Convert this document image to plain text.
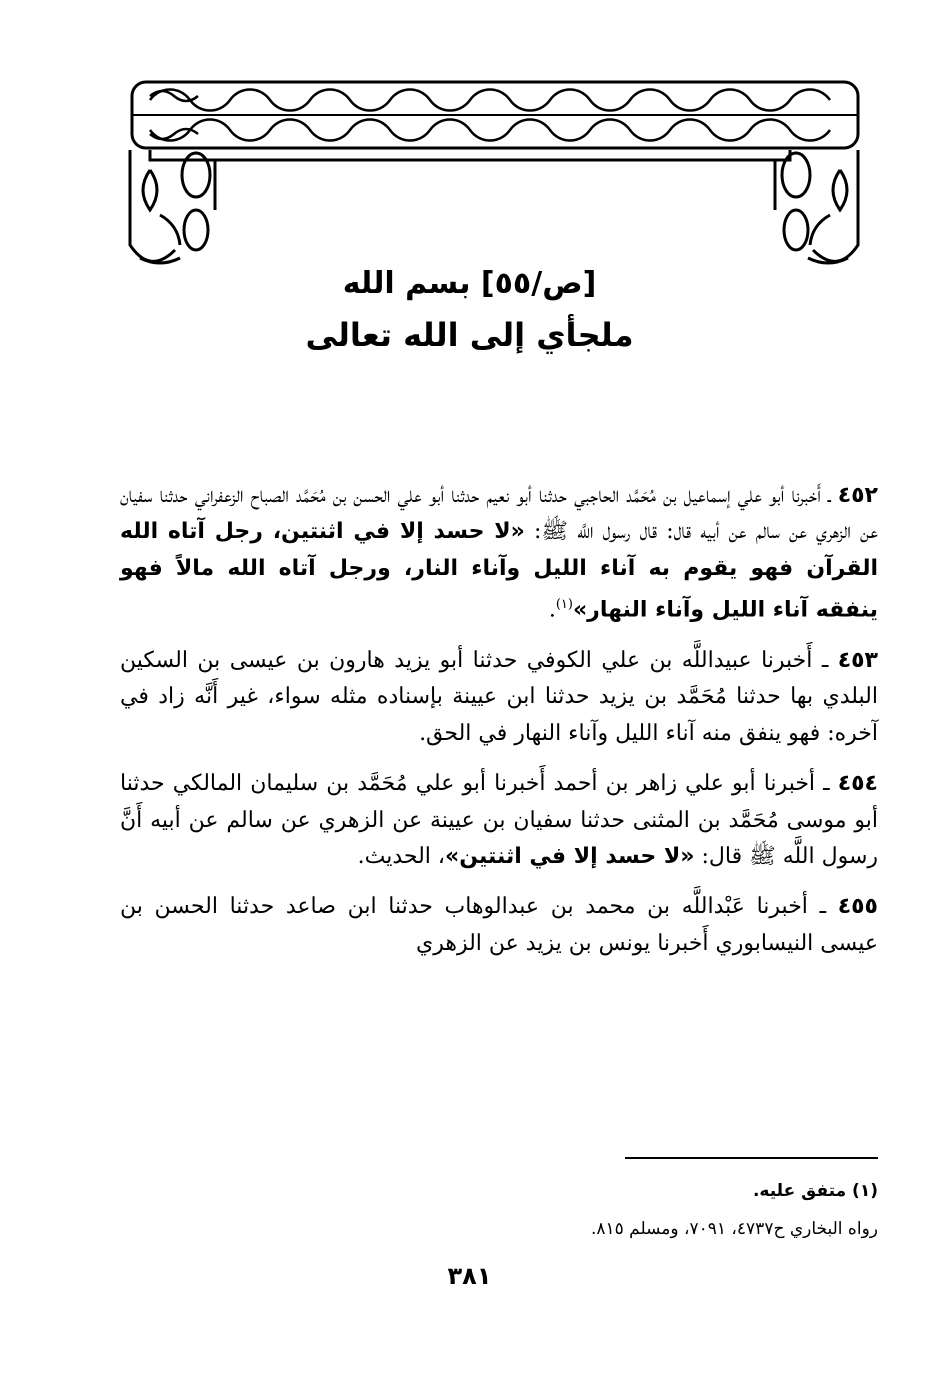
[ص/٥٥] بسم الله
ملجأي إلى الله تعالى

٤٥٢ ـ أَخبرنا أبو علي إسماعيل بن مُحَمَّد الحاجبي حدثنا أبو نعيم حدثنا أبو علي الحسن بن مُحَمَّد الصباح الزعفراني حدثنا سفيان عن الزهري عن سالم عن أبيه قال: قال رسول اللَّه ﷺ: «لا حسد إلا في اثنتين، رجل آتاه الله القرآن فهو يقوم به آناء الليل وآناء النار، ورجل آتاه الله مالاً فهو ينفقه آناء الليل وآناء النهار»$^{(١)}$.

٤٥٣ ـ أَخبرنا عبيداللَّه بن علي الكوفي حدثنا أبو يزيد هارون بن عيسى بن السكين البلدي بها حدثنا مُحَمَّد بن يزيد حدثنا ابن عيينة بإسناده مثله سواء، غير أَنَّه زاد في آخره: فهو ينفق منه آناء الليل وآناء النهار في الحق.

٤٥٤ ـ أخبرنا أبو علي زاهر بن أحمد أَخبرنا أبو علي مُحَمَّد بن سليمان المالكي حدثنا أبو موسى مُحَمَّد بن المثنى حدثنا سفيان بن عيينة عن الزهري عن سالم عن أبيه أَنَّ رسول اللَّه ﷺ قال: «لا حسد إلا في اثنتين»، الحديث.

٤٥٥ ـ أخبرنا عَبْداللَّه بن محمد بن عبدالوهاب حدثنا ابن صاعد حدثنا الحسن بن عيسى النيسابوري أَخبرنا يونس بن يزيد عن الزهري

(١) متفق عليه.
رواه البخاري ح٤٧٣٧، ٧٠٩١، ومسلم ٨١٥.
٣٨١
